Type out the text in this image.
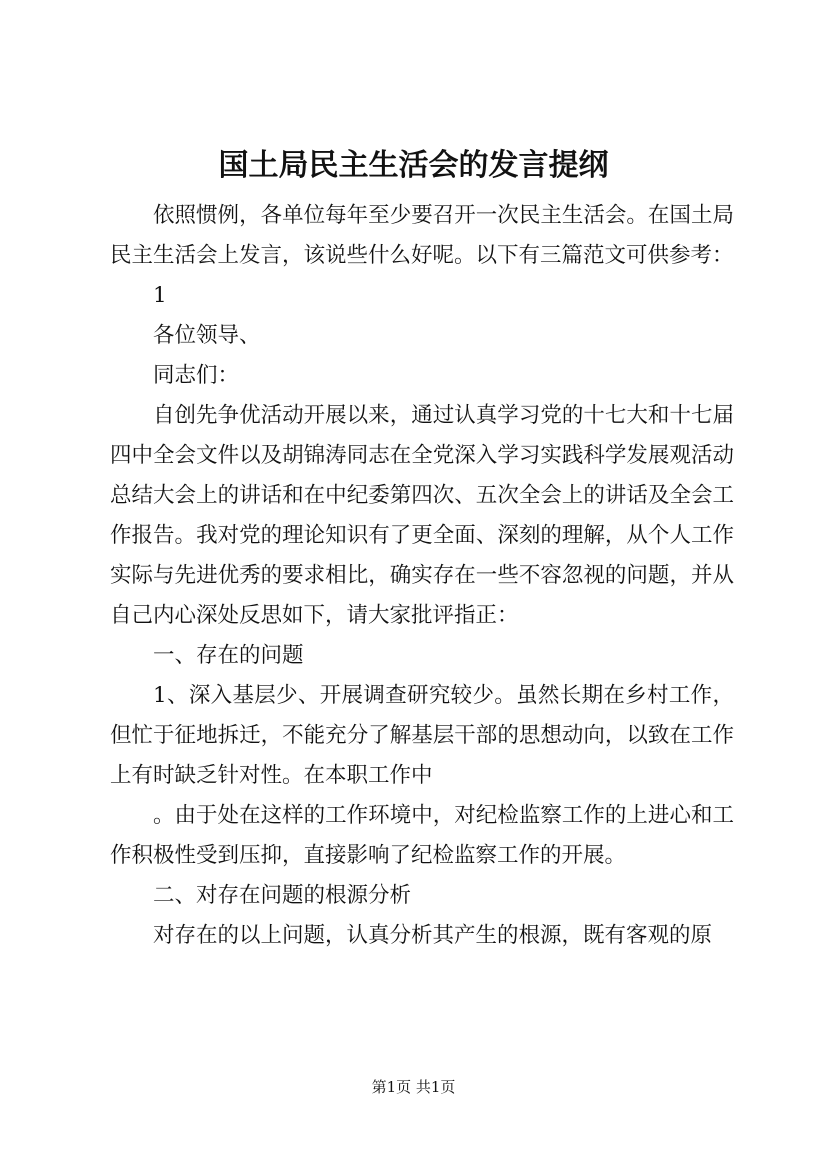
国土局民主生活会的发言提纲

依照惯例，各单位每年至少要召开一次民主生活会。在国土局民主生活会上发言，该说些什么好呢。以下有三篇范文可供参考：

1

各位领导、

同志们：

自创先争优活动开展以来，通过认真学习党的十七大和十七届四中全会文件以及胡锦涛同志在全党深入学习实践科学发展观活动总结大会上的讲话和在中纪委第四次、五次全会上的讲话及全会工作报告。我对党的理论知识有了更全面、深刻的理解，从个人工作实际与先进优秀的要求相比，确实存在一些不容忽视的问题，并从自己内心深处反思如下，请大家批评指正：

一、存在的问题

1、深入基层少、开展调查研究较少。虽然长期在乡村工作，但忙于征地拆迁，不能充分了解基层干部的思想动向，以致在工作上有时缺乏针对性。在本职工作中

。由于处在这样的工作环境中，对纪检监察工作的上进心和工作积极性受到压抑，直接影响了纪检监察工作的开展。

二、对存在问题的根源分析

对存在的以上问题，认真分析其产生的根源，既有客观的原

第1页 共1页
